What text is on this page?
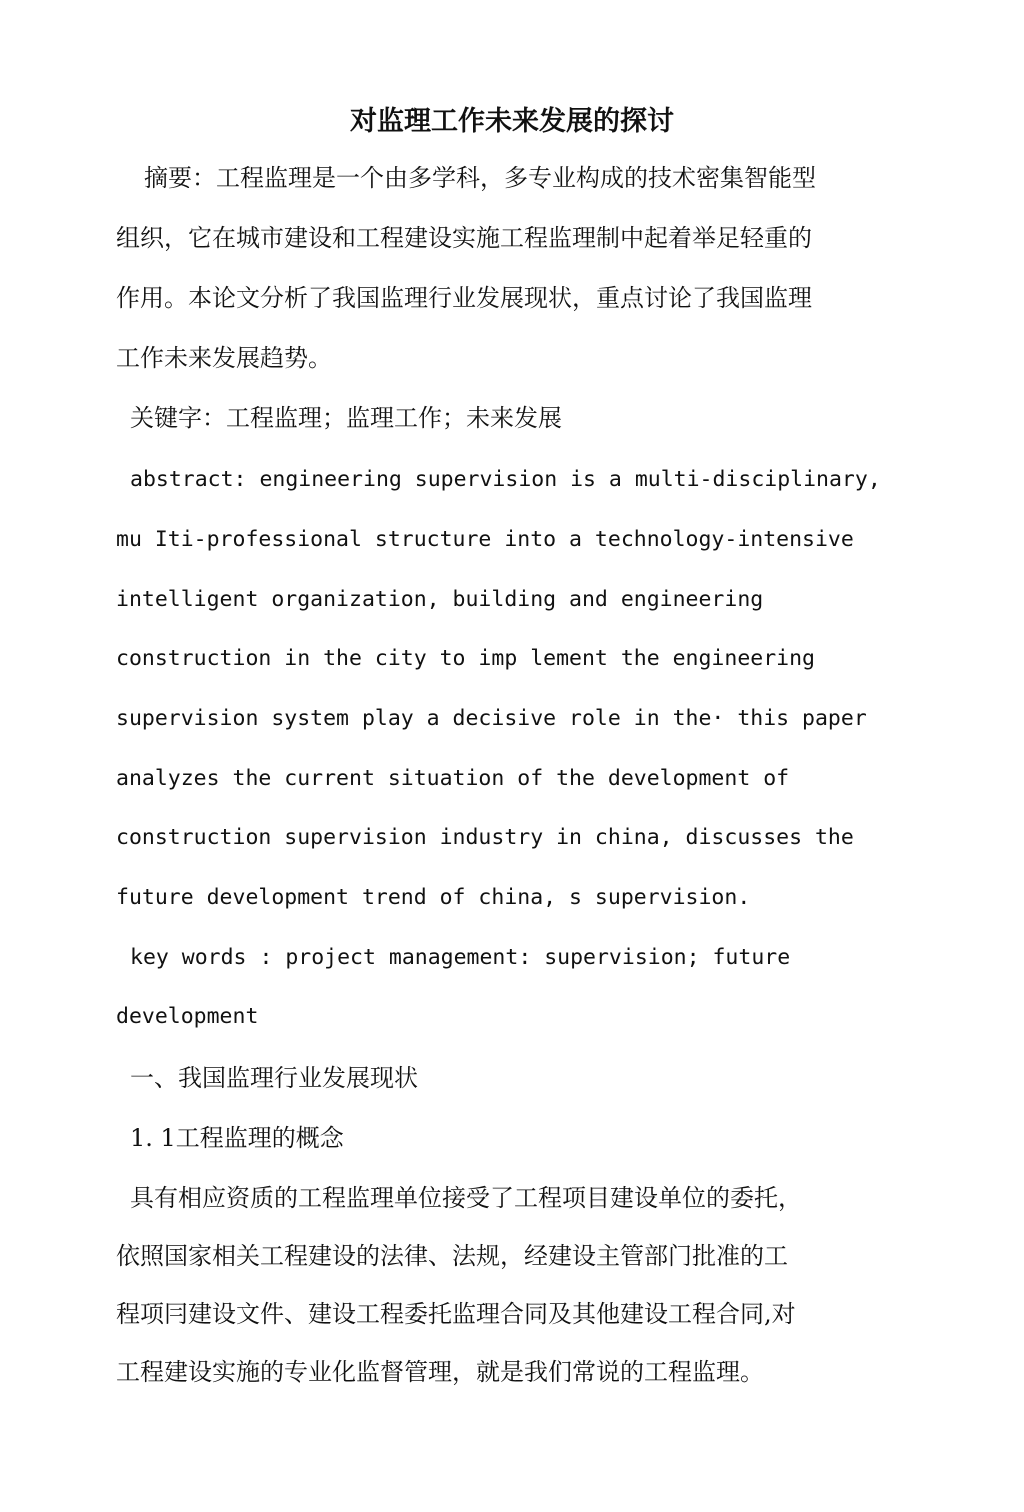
对监理工作未来发展的探讨

摘要：工程监理是一个由多学科，多专业构成的技术密集智能型

组织，它在城市建设和工程建设实施工程监理制中起着举足轻重的

作用。本论文分析了我国监理行业发展现状，重点讨论了我国监理

工作未来发展趋势。

关键字：工程监理；监理工作；未来发展

abstract: engineering supervision is a multi-disciplinary,

mu Iti-professional structure into a technology-intensive

intelligent organization, building and engineering

construction in the city to imp lement the engineering

supervision system play a decisive role in the· this paper

analyzes the current situation of the development of

construction supervision industry in china, discusses the

future development trend of china, s supervision.

key words : project management: supervision; future

development

一、我国监理行业发展现状

1. 1工程监理的概念

具有相应资质的工程监理单位接受了工程项目建设单位的委托，

依照国家相关工程建设的法律、法规，经建设主管部门批准的工

程项冃建设文件、建设工程委托监理合同及其他建设工程合同,对

工程建设实施的专业化监督管理，就是我们常说的工程监理。
